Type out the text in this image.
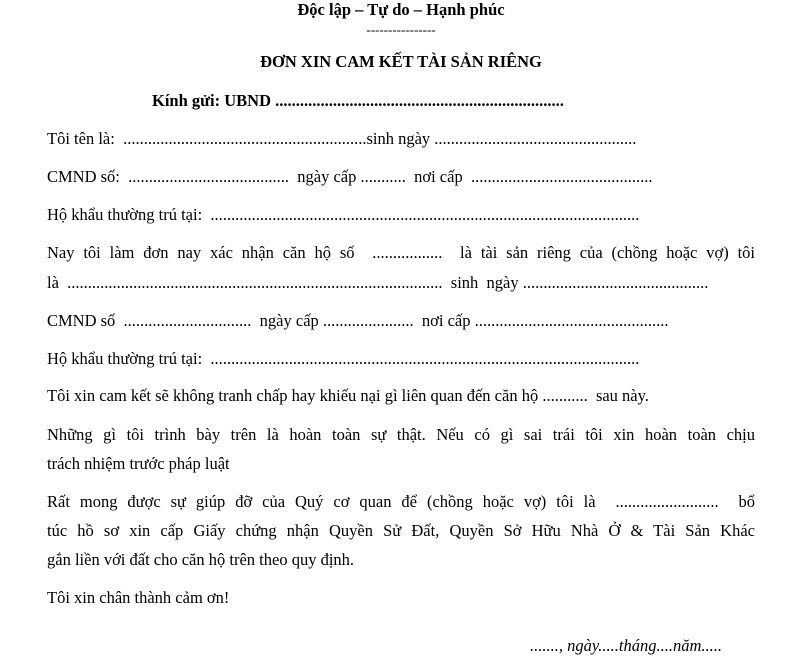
Độc lập – Tự do – Hạnh phúc
----------------
ĐƠN XIN CAM KẾT TÀI SẢN RIÊNG
Kính gửi: UBND ......................................................................
Tôi tên là:  ...........................................................sinh ngày .................................................
CMND số:  .......................................  ngày cấp ...........  nơi cấp  ............................................
Hộ khẩu thường trú tại:  ........................................................................................................
Nay tôi làm đơn nay xác nhận căn hộ số  .................  là tài sản riêng của (chồng hoặc vợ) tôi
là  ...........................................................................................  sinh  ngày .............................................
CMND số  ...............................  ngày cấp ......................  nơi cấp ...............................................
Hộ khẩu thường trú tại:  ........................................................................................................
Tôi xin cam kết sẽ không tranh chấp hay khiếu nại gì liên quan đến căn hộ ...........  sau này.
Những gì tôi trình bày trên là hoàn toàn sự thật. Nếu có gì sai trái tôi xin hoàn toàn chịu
trách nhiệm trước pháp luật
Rất mong được sự giúp đỡ của Quý cơ quan để (chồng hoặc vợ) tôi là  .........................  bổ
túc hồ sơ xin cấp Giấy chứng nhận Quyền Sử Đất, Quyền Sở Hữu Nhà Ở & Tài Sản Khác
gắn liền với đất cho căn hộ trên theo quy định.
Tôi xin chân thành cảm ơn!
......., ngày.....tháng....năm.....
